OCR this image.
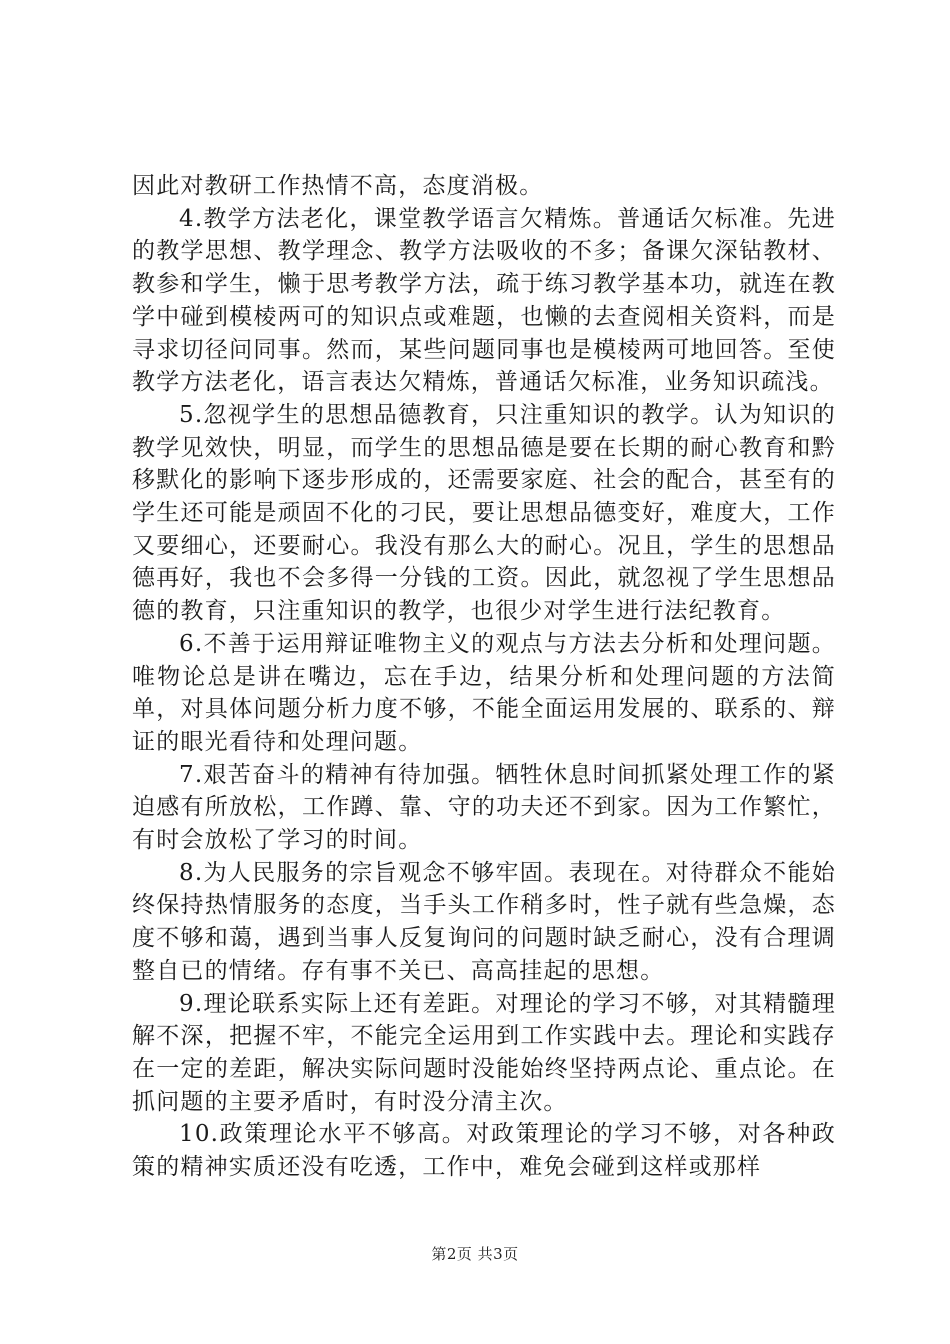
因此对教研工作热情不高，态度消极。

4.教学方法老化，课堂教学语言欠精炼。普通话欠标准。先进的教学思想、教学理念、教学方法吸收的不多；备课欠深钻教材、教参和学生，懒于思考教学方法，疏于练习教学基本功，就连在教学中碰到模棱两可的知识点或难题，也懒的去查阅相关资料，而是寻求切径问同事。然而，某些问题同事也是模棱两可地回答。至使教学方法老化，语言表达欠精炼，普通话欠标准，业务知识疏浅。

5.忽视学生的思想品德教育，只注重知识的教学。认为知识的教学见效快，明显，而学生的思想品德是要在长期的耐心教育和黔移默化的影响下逐步形成的，还需要家庭、社会的配合，甚至有的学生还可能是顽固不化的刁民，要让思想品德变好，难度大，工作又要细心，还要耐心。我没有那么大的耐心。况且，学生的思想品德再好，我也不会多得一分钱的工资。因此，就忽视了学生思想品德的教育，只注重知识的教学，也很少对学生进行法纪教育。

6.不善于运用辩证唯物主义的观点与方法去分析和处理问题。唯物论总是讲在嘴边，忘在手边，结果分析和处理问题的方法简单，对具体问题分析力度不够，不能全面运用发展的、联系的、辩证的眼光看待和处理问题。

7.艰苦奋斗的精神有待加强。牺牲休息时间抓紧处理工作的紧迫感有所放松，工作蹲、靠、守的功夫还不到家。因为工作繁忙，有时会放松了学习的时间。

8.为人民服务的宗旨观念不够牢固。表现在。对待群众不能始终保持热情服务的态度，当手头工作稍多时，性子就有些急燥，态度不够和蔼，遇到当事人反复询问的问题时缺乏耐心，没有合理调整自已的情绪。存有事不关已、高高挂起的思想。

9.理论联系实际上还有差距。对理论的学习不够，对其精髓理解不深，把握不牢，不能完全运用到工作实践中去。理论和实践存在一定的差距，解决实际问题时没能始终坚持两点论、重点论。在抓问题的主要矛盾时，有时没分清主次。

10.政策理论水平不够高。对政策理论的学习不够，对各种政策的精神实质还没有吃透，工作中，难免会碰到这样或那样

第2页 共3页
